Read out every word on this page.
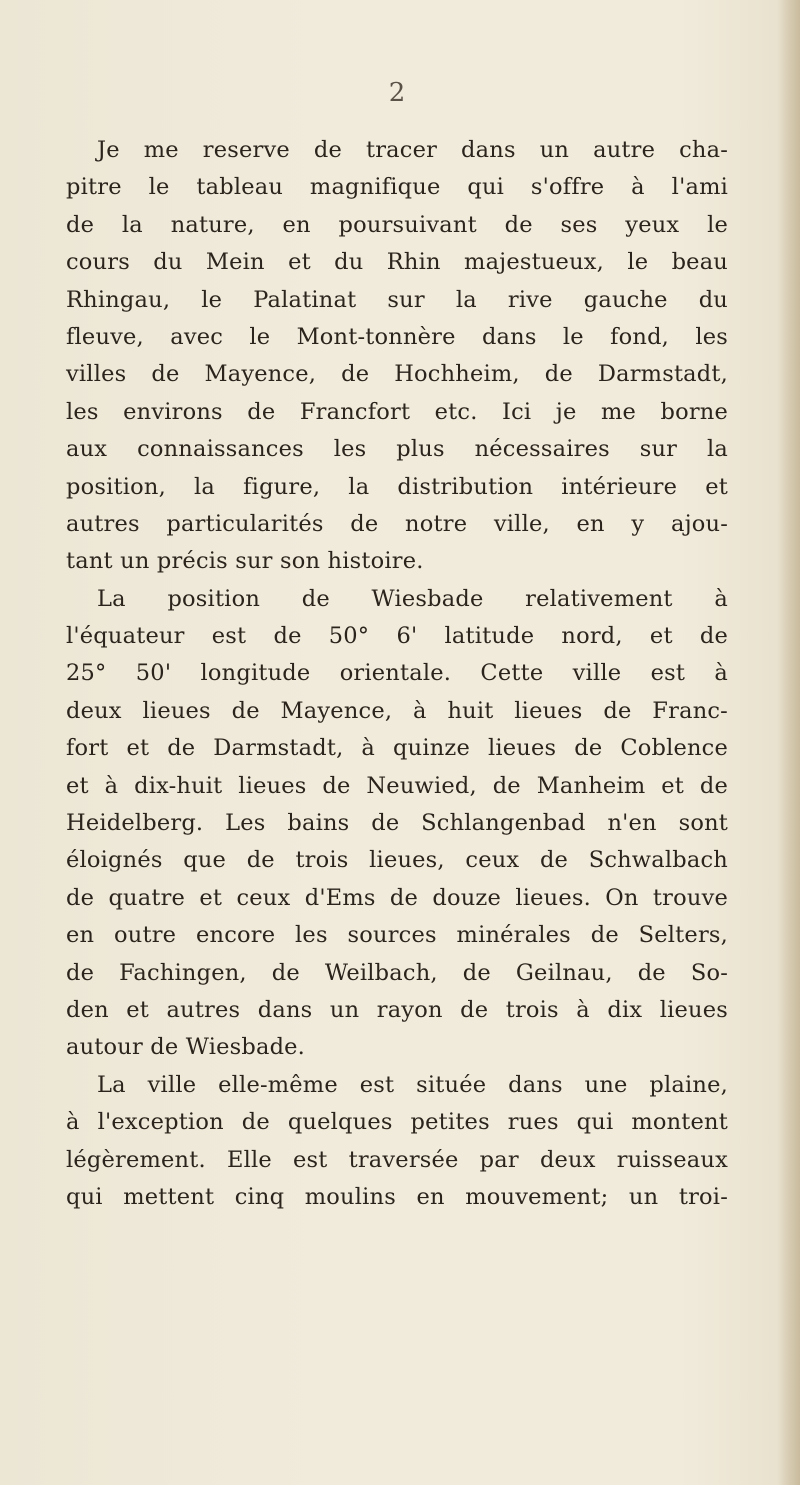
2
Je me reserve de tracer dans un autre cha-
pitre le tableau magnifique qui s'offre à l'ami
de la nature, en poursuivant de ses yeux le
cours du Mein et du Rhin majestueux, le beau
Rhingau, le Palatinat sur la rive gauche du
fleuve, avec le Mont-tonnère dans le fond, les
villes de Mayence, de Hochheim, de Darmstadt,
les environs de Francfort etc. Ici je me borne
aux connaissances les plus nécessaires sur la
position, la figure, la distribution intérieure et
autres particularités de notre ville, en y ajou-
tant un précis sur son histoire.
La position de Wiesbade relativement à
l'équateur est de 50° 6' latitude nord, et de
25° 50' longitude orientale. Cette ville est à
deux lieues de Mayence, à huit lieues de Franc-
fort et de Darmstadt, à quinze lieues de Coblence
et à dix-huit lieues de Neuwied, de Manheim et de
Heidelberg. Les bains de Schlangenbad n'en sont
éloignés que de trois lieues, ceux de Schwalbach
de quatre et ceux d'Ems de douze lieues. On trouve
en outre encore les sources minérales de Selters,
de Fachingen, de Weilbach, de Geilnau, de So-
den et autres dans un rayon de trois à dix lieues
autour de Wiesbade.
La ville elle-même est située dans une plaine,
à l'exception de quelques petites rues qui montent
légèrement. Elle est traversée par deux ruisseaux
qui mettent cinq moulins en mouvement; un troi-
